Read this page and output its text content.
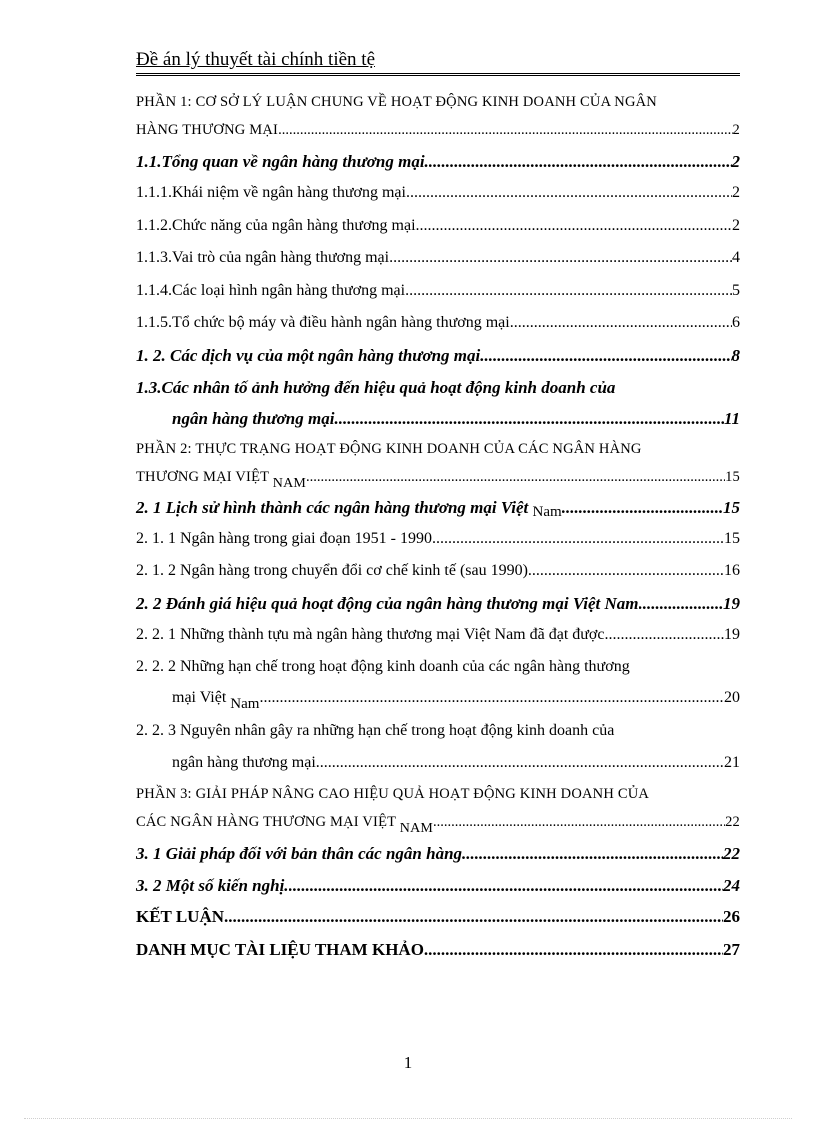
Đề án lý thuyết tài chính tiền tệ
PHẦN 1: CƠ SỞ LÝ LUẬN CHUNG VỀ HOẠT ĐỘNG KINH DOANH CỦA NGÂN
HÀNG THƯƠNG MẠI .....	2
1.1.Tổng quan về ngân hàng thương mại. .....	2
1.1.1.Khái niệm về ngân hàng thương mại .....	2
1.1.2.Chức năng của ngân hàng thương mại .....	2
1.1.3.Vai trò của ngân hàng thương mại .....	4
1.1.4.Các loại hình ngân hàng thương mại .....	5
1.1.5.Tổ chức bộ máy và điều hành ngân hàng thương mại .....	6
1. 2. Các dịch vụ của một ngân hàng thương mại .....	8
1.3.Các nhân tố ảnh hưởng đến hiệu quả hoạt động kinh doanh của
ngân hàng thương mại. .....	11
PHẦN 2: THỰC TRẠNG HOẠT ĐỘNG KINH DOANH CỦA CÁC NGÂN HÀNG
THƯƠNG MẠI VIỆT NAM .....	15
2. 1 Lịch sử hình thành các ngân hàng thương mại Việt Nam .....	15
2. 1. 1 Ngân hàng trong giai đoạn 1951 - 1990 .....	15
2. 1. 2 Ngân hàng trong chuyển đổi cơ chế kinh tế (sau 1990) .....	16
2. 2 Đánh giá hiệu quả hoạt động của ngân hàng thương mại Việt Nam .....	19
2. 2. 1 Những thành tựu mà ngân hàng thương mại Việt Nam đã đạt được .....	19
2. 2. 2 Những hạn chế trong hoạt động kinh doanh của các ngân hàng thương
mại Việt Nam .....	20
2. 2. 3 Nguyên nhân gây ra những hạn chế trong hoạt động kinh doanh của
ngân hàng thương mại .....	21
PHẦN 3: GIẢI PHÁP NÂNG CAO HIỆU QUẢ HOẠT ĐỘNG KINH DOANH CỦA
CÁC NGÂN HÀNG THƯƠNG MẠI VIỆT NAM .....	22
3. 1 Giải pháp đối với bản thân các ngân hàng .....	22
3. 2 Một số kiến nghị. .....	24
KẾT LUẬN .....	26
DANH MỤC TÀI LIỆU THAM KHẢO .....	27
1
